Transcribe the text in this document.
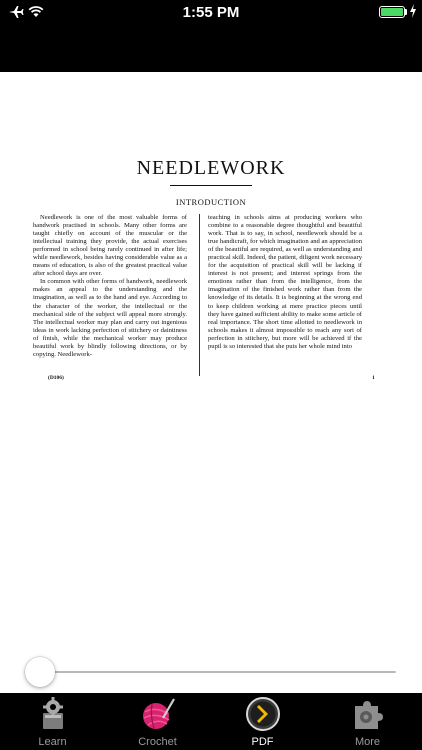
1:55 PM
NEEDLEWORK
INTRODUCTION

Needlework is one of the most valuable forms of handwork practised in schools. Many other forms are taught chiefly on account of the muscular or the intellectual training they provide, the actual exercises performed in school being rarely continued in after life; while needlework, besides having considerable value as a means of education, is also of the greatest practical value after school days are over.

In common with other forms of handwork, needlework makes an appeal to the understanding and the imagination, as well as to the hand and eye. According to the character of the worker, the intellectual or the mechanical side of the subject will appeal more strongly. The intellectual worker may plan and carry out ingenious ideas in work lacking perfection of stitchery or daintiness of finish, while the mechanical worker may produce beautiful work by blindly following directions, or by copying. Needlework-

teaching in schools aims at producing workers who combine to a reasonable degree thoughtful and beautiful work. That is to say, in school, needlework should be a true handicraft, for which imagination and an appreciation of the beautiful are required, as well as understanding and practical skill. Indeed, the patient, diligent work necessary for the acquisition of practical skill will be lacking if interest is not present; and interest springs from the emotions rather than from the intelligence, from the imagination of the finished work rather than from the knowledge of its details. It is beginning at the wrong end to keep children working at mere practice pieces until they have gained sufficient ability to make some article of real importance. The short time allotted to needlework in schools makes it almost impossible to reach any sort of perfection in stitchery, but more will be achieved if the pupil is so interested that she puts her whole mind into

(D106)	1
Learn	Crochet	PDF	More
